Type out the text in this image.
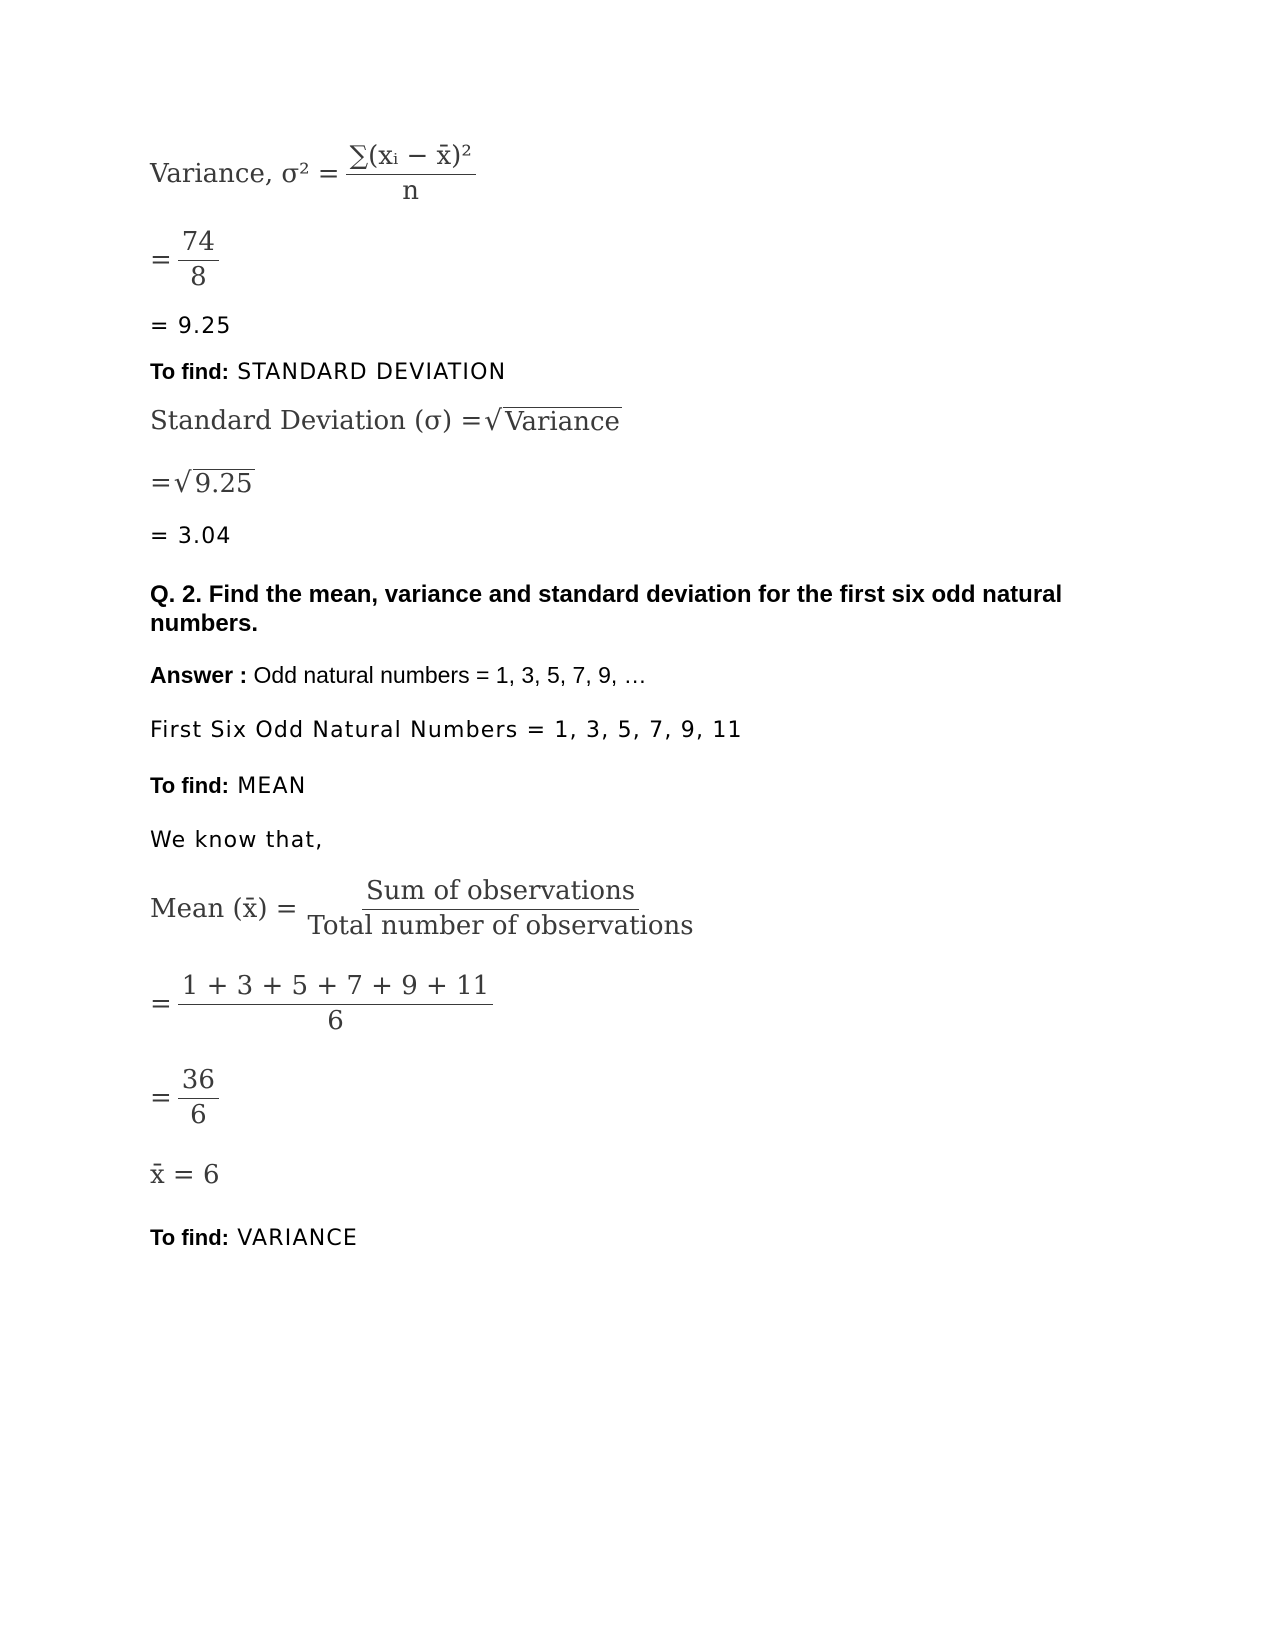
Variance, $\sigma^2 = \frac{\text{∑(xᵢ − x̄)²}}{n}$
= $\frac{74}{8}$
= 9.25
To find: STANDARD DEVIATION
Standard Deviation (σ) = √ Variance
= √ 9.25
= 3.04
Q. 2. Find the mean, variance and standard deviation for the first six odd natural numbers.
Answer : Odd natural numbers = 1, 3, 5, 7, 9, …
First Six Odd Natural Numbers = 1, 3, 5, 7, 9, 11
To find: MEAN
We know that,
Mean (x̄) = $\frac{\text{Sum of observations}}{\text{Total number of observations}}$
= $\frac{1 + 3 + 5 + 7 + 9 + 11}{6}$
= $\frac{36}{6}$
x̄ = 6
To find: VARIANCE
